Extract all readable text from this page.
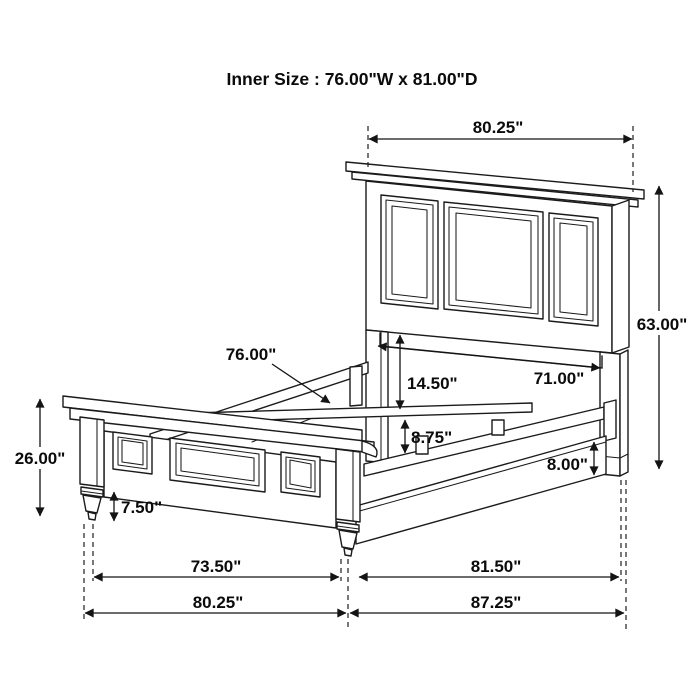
Inner Size : 76.00"W x 81.00"D
80.25"
63.00"
76.00"
14.50"
8.75"
71.00"
8.00"
26.00"
7.50"
73.50"
80.25"
81.50"
87.25"
